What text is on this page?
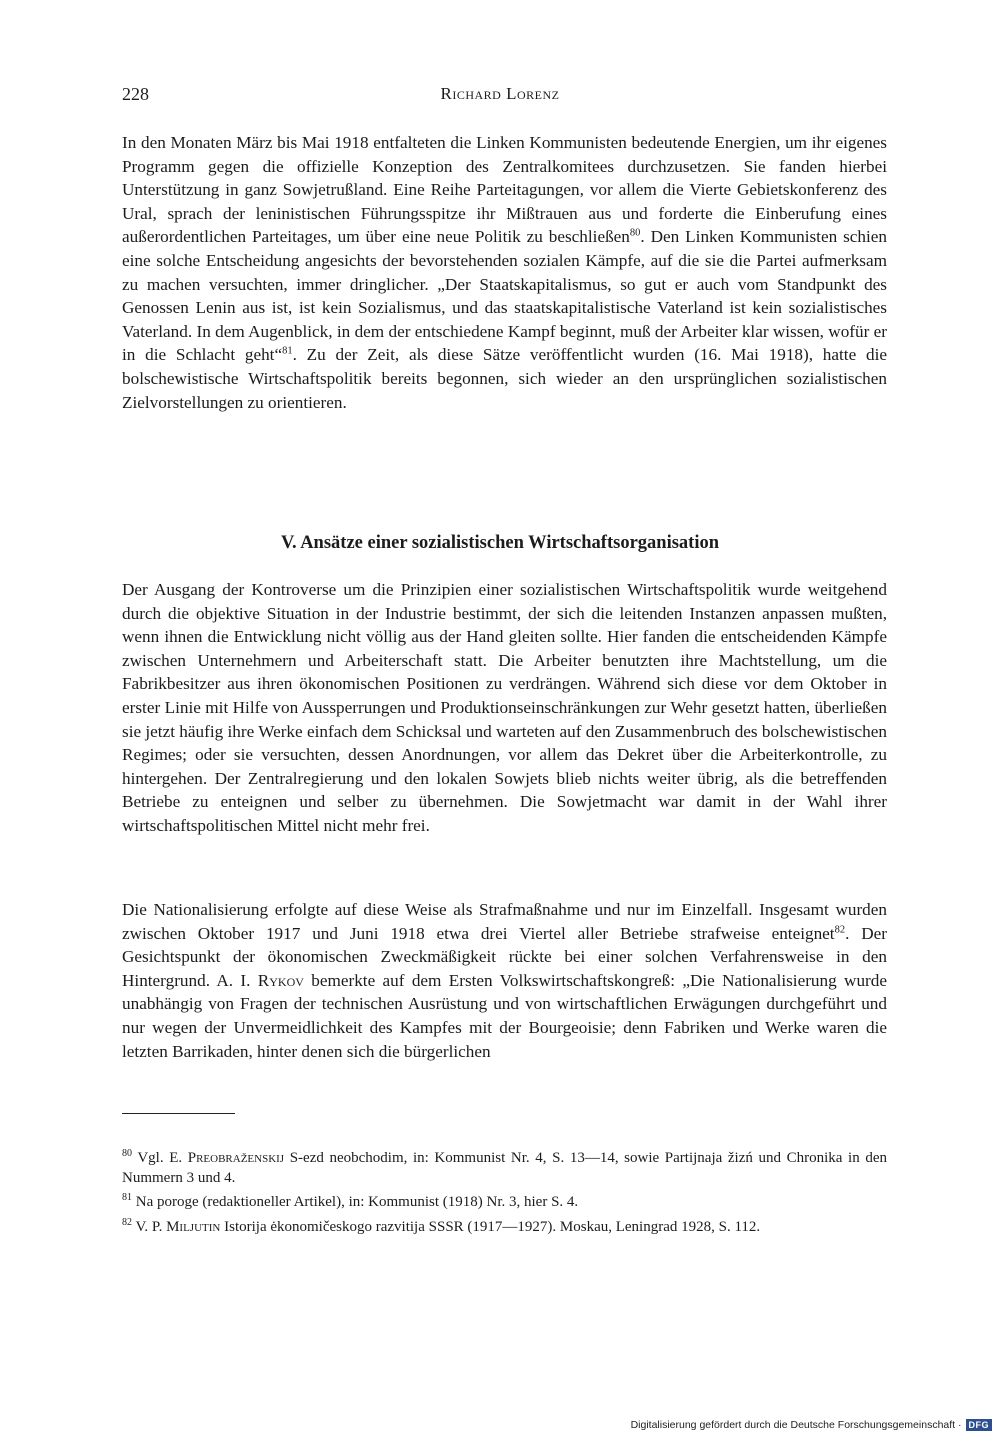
228	Richard Lorenz

In den Monaten März bis Mai 1918 entfalteten die Linken Kommunisten bedeutende Energien, um ihr eigenes Programm gegen die offizielle Konzeption des Zentralkomitees durchzusetzen. Sie fanden hierbei Unterstützung in ganz Sowjetrußland. Eine Reihe Parteitagungen, vor allem die Vierte Gebietskonferenz des Ural, sprach der leninistischen Führungsspitze ihr Mißtrauen aus und forderte die Einberufung eines außerordentlichen Parteitages, um über eine neue Politik zu beschließen$^{80}$. Den Linken Kommunisten schien eine solche Entscheidung angesichts der bevorstehenden sozialen Kämpfe, auf die sie die Partei aufmerksam zu machen versuchten, immer dringlicher. „Der Staatskapitalismus, so gut er auch vom Standpunkt des Genossen Lenin aus ist, ist kein Sozialismus, und das staatskapitalistische Vaterland ist kein sozialistisches Vaterland. In dem Augenblick, in dem der entschiedene Kampf beginnt, muß der Arbeiter klar wissen, wofür er in die Schlacht geht“$^{81}$. Zu der Zeit, als diese Sätze veröffentlicht wurden (16. Mai 1918), hatte die bolschewistische Wirtschaftspolitik bereits begonnen, sich wieder an den ursprünglichen sozialistischen Zielvorstellungen zu orientieren.

V. Ansätze einer sozialistischen Wirtschaftsorganisation

Der Ausgang der Kontroverse um die Prinzipien einer sozialistischen Wirtschaftspolitik wurde weitgehend durch die objektive Situation in der Industrie bestimmt, der sich die leitenden Instanzen anpassen mußten, wenn ihnen die Entwicklung nicht völlig aus der Hand gleiten sollte. Hier fanden die entscheidenden Kämpfe zwischen Unternehmern und Arbeiterschaft statt. Die Arbeiter benutzten ihre Machtstellung, um die Fabrikbesitzer aus ihren ökonomischen Positionen zu verdrängen. Während sich diese vor dem Oktober in erster Linie mit Hilfe von Aussperrungen und Produktionseinschränkungen zur Wehr gesetzt hatten, überließen sie jetzt häufig ihre Werke einfach dem Schicksal und warteten auf den Zusammenbruch des bolschewistischen Regimes; oder sie versuchten, dessen Anordnungen, vor allem das Dekret über die Arbeiterkontrolle, zu hintergehen. Der Zentralregierung und den lokalen Sowjets blieb nichts weiter übrig, als die betreffenden Betriebe zu enteignen und selber zu übernehmen. Die Sowjetmacht war damit in der Wahl ihrer wirtschaftspolitischen Mittel nicht mehr frei.

Die Nationalisierung erfolgte auf diese Weise als Strafmaßnahme und nur im Einzelfall. Insgesamt wurden zwischen Oktober 1917 und Juni 1918 etwa drei Viertel aller Betriebe strafweise enteignet$^{82}$. Der Gesichtspunkt der ökonomischen Zweckmäßigkeit rückte bei einer solchen Verfahrensweise in den Hintergrund. A. I. Rykov bemerkte auf dem Ersten Volkswirtschaftskongreß: „Die Nationalisierung wurde unabhängig von Fragen der technischen Ausrüstung und von wirtschaftlichen Erwägungen durchgeführt und nur wegen der Unvermeidlichkeit des Kampfes mit der Bourgeoisie; denn Fabriken und Werke waren die letzten Barrikaden, hinter denen sich die bürgerlichen

$^{80}$ Vgl. E. Preobraženskij S-ezd neobchodim, in: Kommunist Nr. 4, S. 13—14, sowie Partijnaja žizń und Chronika in den Nummern 3 und 4.

$^{81}$ Na poroge (redaktioneller Artikel), in: Kommunist (1918) Nr. 3, hier S. 4.

$^{82}$ V. P. Miljutin Istorija ėkonomičeskogo razvitija SSSR (1917—1927). Moskau, Leningrad 1928, S. 112.

Digitalisierung gefördert durch die Deutsche Forschungsgemeinschaft · DFG
